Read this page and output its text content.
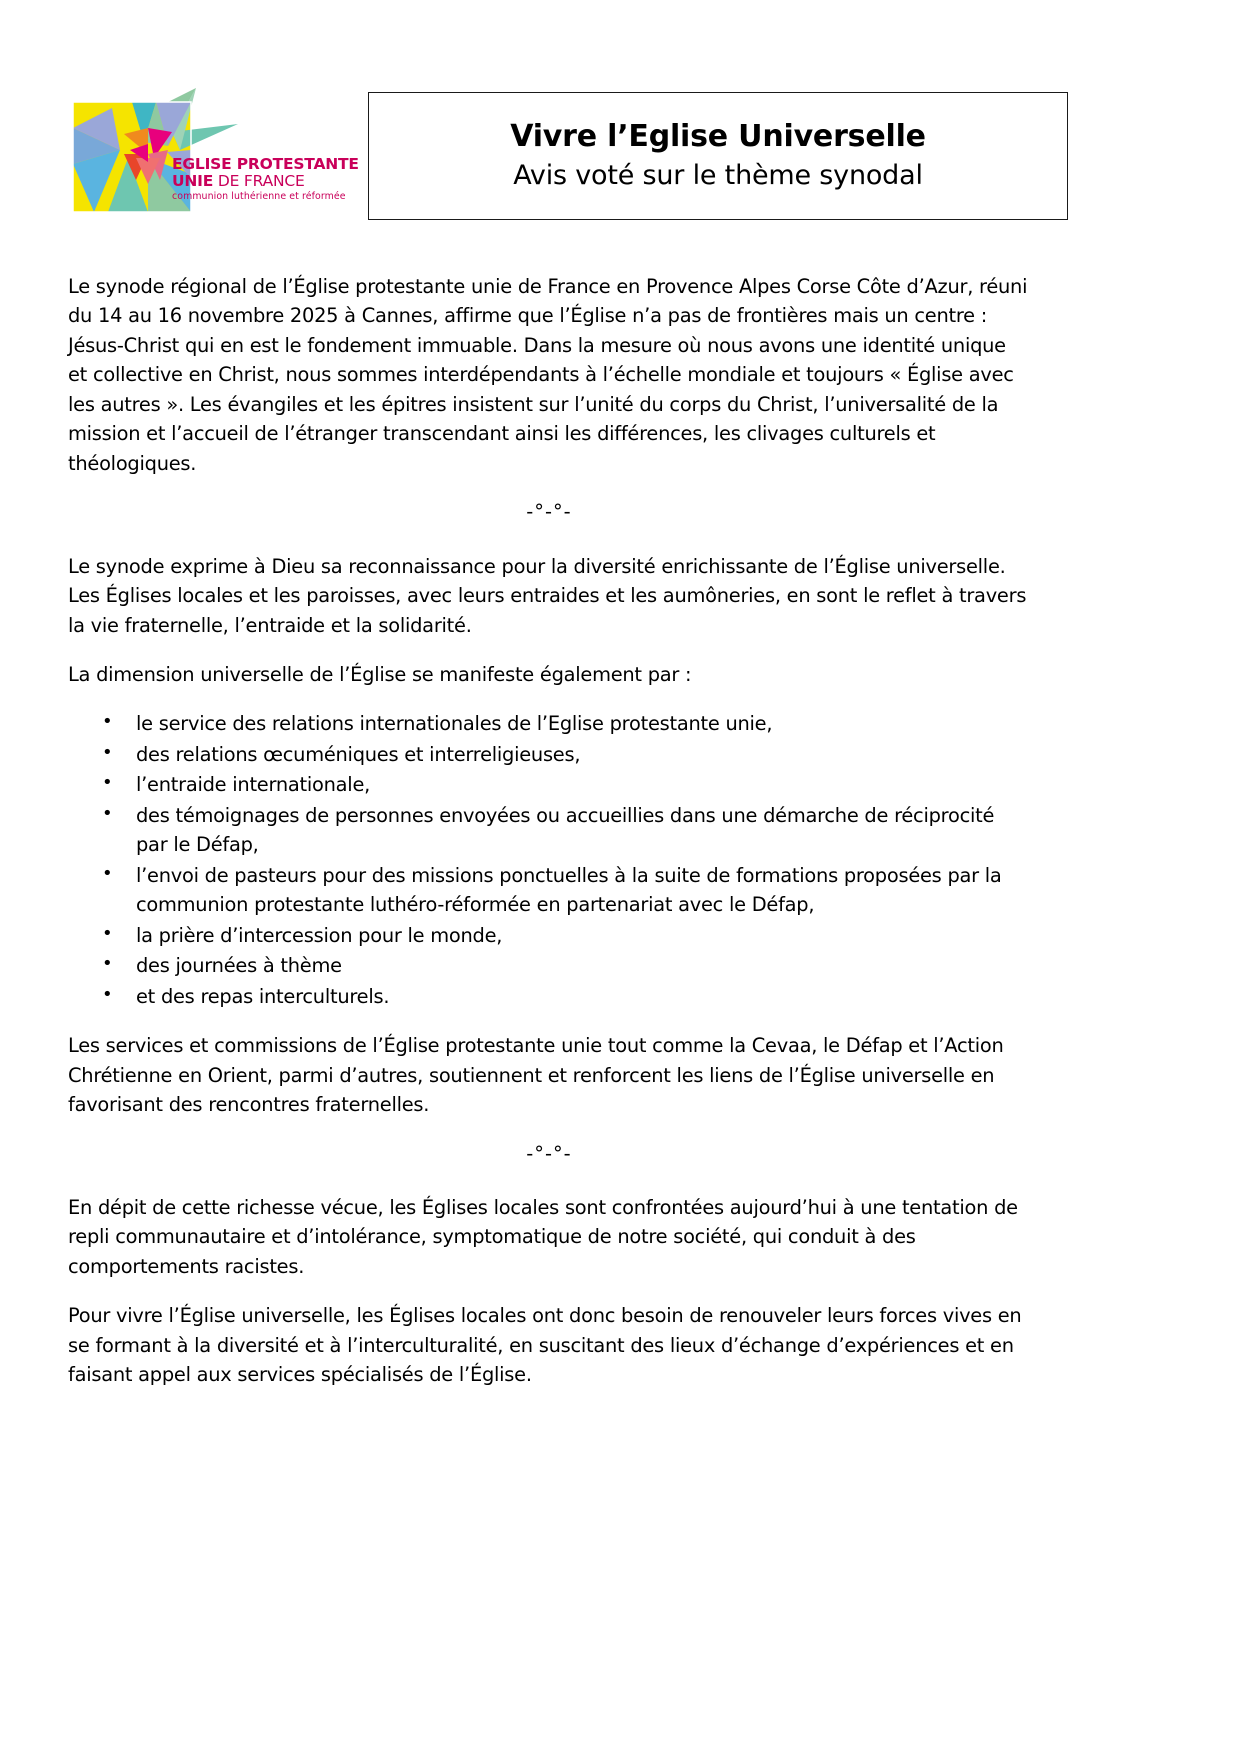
EGLISE PROTESTANTE
UNIE DE FRANCE
communion luthérienne et réformée
Vivre l’Eglise Universelle
Avis voté sur le thème synodal

Le synode régional de l’Église protestante unie de France en Provence Alpes Corse Côte d’Azur, réuni du 14 au 16 novembre 2025 à Cannes, affirme que l’Église n’a pas de frontières mais un centre : Jésus-Christ qui en est le fondement immuable. Dans la mesure où nous avons une identité unique et collective en Christ, nous sommes interdépendants à l’échelle mondiale et toujours « Église avec les autres ». Les évangiles et les épitres insistent sur l’unité du corps du Christ, l’universalité de la mission et l’accueil de l’étranger transcendant ainsi les différences, les clivages culturels et théologiques.

-°-°-

Le synode exprime à Dieu sa reconnaissance pour la diversité enrichissante de l’Église universelle. Les Églises locales et les paroisses, avec leurs entraides et les aumôneries, en sont le reflet à travers la vie fraternelle, l’entraide et la solidarité.

La dimension universelle de l’Église se manifeste également par :

• le service des relations internationales de l’Eglise protestante unie,
• des relations œcuméniques et interreligieuses,
• l’entraide internationale,
• des témoignages de personnes envoyées ou accueillies dans une démarche de réciprocité par le Défap,
• l’envoi de pasteurs pour des missions ponctuelles à la suite de formations proposées par la communion protestante luthéro-réformée en partenariat avec le Défap,
• la prière d’intercession pour le monde,
• des journées à thème
• et des repas interculturels.

Les services et commissions de l’Église protestante unie tout comme la Cevaa, le Défap et l’Action Chrétienne en Orient, parmi d’autres, soutiennent et renforcent les liens de l’Église universelle en favorisant des rencontres fraternelles.

-°-°-

En dépit de cette richesse vécue, les Églises locales sont confrontées aujourd’hui à une tentation de repli communautaire et d’intolérance, symptomatique de notre société, qui conduit à des comportements racistes.

Pour vivre l’Église universelle, les Églises locales ont donc besoin de renouveler leurs forces vives en se formant à la diversité et à l’interculturalité, en suscitant des lieux d’échange d’expériences et en faisant appel aux services spécialisés de l’Église.
